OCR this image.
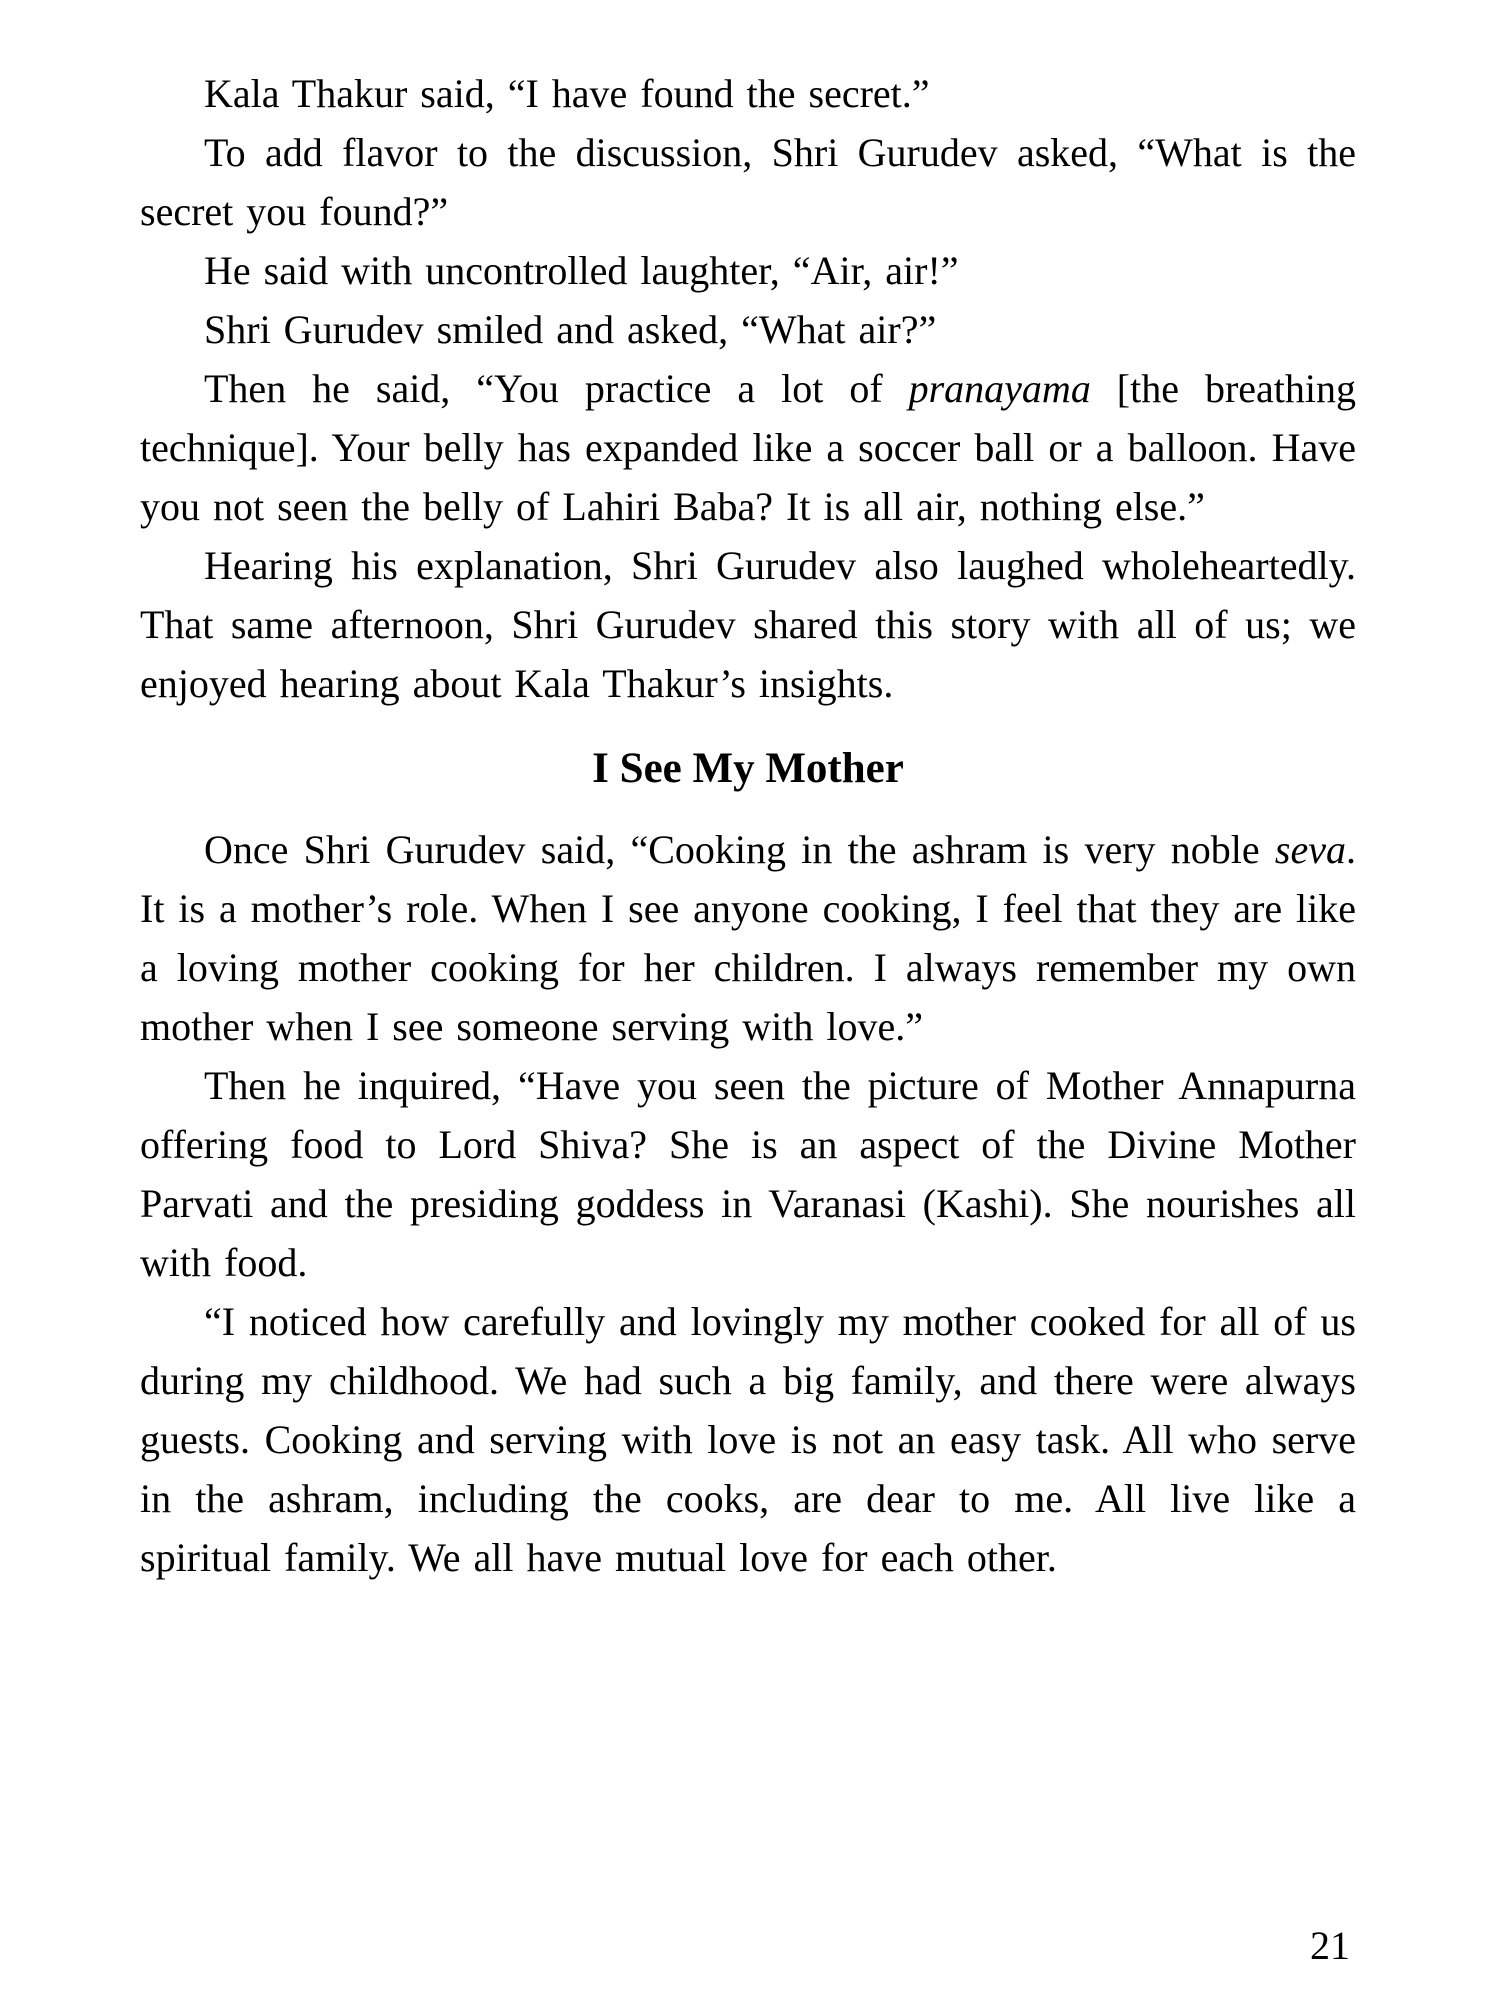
Kala Thakur said, “I have found the secret.”

To add flavor to the discussion, Shri Gurudev asked, “What is the secret you found?”

He said with uncontrolled laughter, “Air, air!”

Shri Gurudev smiled and asked, “What air?”

Then he said, “You practice a lot of pranayama [the breathing technique]. Your belly has expanded like a soccer ball or a balloon. Have you not seen the belly of Lahiri Baba? It is all air, nothing else.”

Hearing his explanation, Shri Gurudev also laughed wholeheartedly. That same afternoon, Shri Gurudev shared this story with all of us; we enjoyed hearing about Kala Thakur’s insights.

I See My Mother

Once Shri Gurudev said, “Cooking in the ashram is very noble seva. It is a mother’s role. When I see anyone cooking, I feel that they are like a loving mother cooking for her children. I always remember my own mother when I see someone serving with love.”

Then he inquired, “Have you seen the picture of Mother Annapurna offering food to Lord Shiva? She is an aspect of the Divine Mother Parvati and the presiding goddess in Varanasi (Kashi). She nourishes all with food.

“I noticed how carefully and lovingly my mother cooked for all of us during my childhood. We had such a big family, and there were always guests. Cooking and serving with love is not an easy task. All who serve in the ashram, including the cooks, are dear to me. All live like a spiritual family. We all have mutual love for each other.

21
